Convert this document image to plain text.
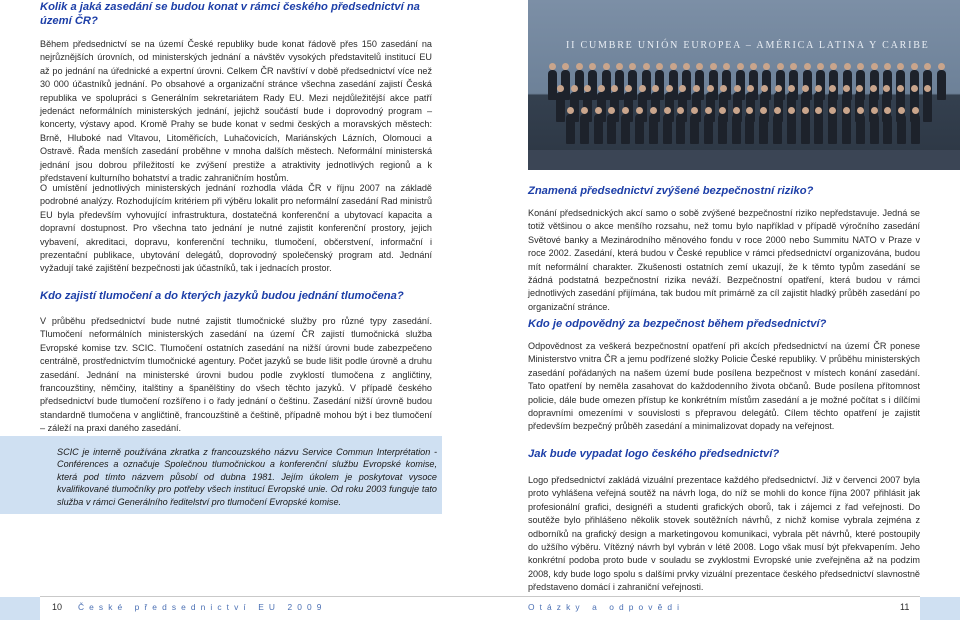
Kolik a jaká zasedání se budou konat v rámci českého předsednictví na území ČR?

Během předsednictví se na území České republiky bude konat řádově přes 150 zasedání na nejrůznějších úrovních, od ministerských jednání a návštěv vysokých představitelů institucí EU až po jednání na úřednické a expertní úrovni. Celkem ČR navštíví v době předsednictví více než 30 000 účastníků jednání. Po obsahové a organizační stránce všechna zasedání zajistí Česká republika ve spolupráci s Generálním sekretariátem Rady EU. Mezi nejdůležitější akce patří jedenáct neformálních ministerských jednání, jejichž součástí bude i doprovodný program – koncerty, výstavy apod. Kromě Prahy se bude konat v sedmi českých a moravských městech: Brně, Hluboké nad Vltavou, Litoměřicích, Luhačovicích, Mariánských Lázních, Olomouci a Ostravě. Řada menších zasedání proběhne v mnoha dalších městech. Neformální ministerská jednání jsou dobrou příležitostí ke zvýšení prestiže a atraktivity jednotlivých regionů a k představení kulturního bohatství a tradic zahraničním hostům.

O umístění jednotlivých ministerských jednání rozhodla vláda ČR v říjnu 2007 na základě podrobné analýzy. Rozhodujícím kritériem při výběru lokalit pro neformální zasedání Rad ministrů EU byla především vyhovující infrastruktura, dostatečná konferenční a ubytovací kapacita a dopravní dostupnost. Pro všechna tato jednání je nutné zajistit konferenční prostory, jejich vybavení, akreditaci, dopravu, konferenční techniku, tlumočení, občerstvení, informační i prezentační publikace, ubytování delegátů, doprovodný společenský program atd. Jednání vyžadují také zajištění bezpečnosti jak účastníků, tak i jednacích prostor.

Kdo zajistí tlumočení a do kterých jazyků budou jednání tlumočena?

V průběhu předsednictví bude nutné zajistit tlumočnické služby pro různé typy zasedání. Tlumočení neformálních ministerských zasedání na území ČR zajistí tlumočnická služba Evropské komise tzv. SCIC. Tlumočení ostatních zasedání na nižší úrovni bude zabezpečeno centrálně, prostřednictvím tlumočnické agentury. Počet jazyků se bude lišit podle úrovně a druhu zasedání. Jednání na ministerské úrovni budou podle zvyklostí tlumočena z angličtiny, francouzštiny, němčiny, italštiny a španělštiny do všech těchto jazyků. V případě českého předsednictví bude tlumočení rozšířeno i o řady jednání o češtinu. Zasedání nižší úrovně budou standardně tlumočena v angličtině, francouzštině a češtině, případně mohou být i bez tlumočení – záleží na praxi daného zasedání.

SCIC je interně používána zkratka z francouzského názvu Service Commun Interprétation -Conférences a označuje Společnou tlumočnickou a konferenční službu Evropské komise, která pod tímto názvem působí od dubna 1981. Jejím úkolem je poskytovat vysoce kvalifikované tlumočníky pro potřeby všech institucí Evropské unie. Od roku 2003 funguje tato služba v rámci Generálního ředitelství pro tlumočení Evropské komise.

II CUMBRE UNIÓN EUROPEA – AMÉRICA LATINA Y CARIBE
Znamená předsednictví zvýšené bezpečnostní riziko?

Konání předsednických akcí samo o sobě zvýšené bezpečnostní riziko nepředstavuje. Jedná se totiž většinou o akce menšího rozsahu, než tomu bylo například v případě výročního zasedání Světové banky a Mezinárodního měnového fondu v roce 2000 nebo Summitu NATO v Praze v roce 2002. Zasedání, která budou v České republice v rámci předsednictví organizována, budou mít neformální charakter. Zkušenosti ostatních zemí ukazují, že k těmto typům zasedání se žádná podstatná bezpečnostní rizika neváží. Bezpečnostní opatření, která budou v rámci jednotlivých zasedání přijímána, tak budou mít primárně za cíl zajistit hladký průběh zasedání po organizační stránce.

Kdo je odpovědný za bezpečnost během předsednictví?

Odpovědnost za veškerá bezpečnostní opatření při akcích předsednictví na území ČR ponese Ministerstvo vnitra ČR a jemu podřízené složky Policie České republiky. V průběhu ministerských zasedání pořádaných na našem území bude posílena bezpečnost v místech konání zasedání. Tato opatření by neměla zasahovat do každodenního života občanů. Bude posílena přítomnost policie, dále bude omezen přístup ke konkrétním místům zasedání a je možné počítat s i dílčími dopravními omezeními v souvislosti s přepravou delegátů. Cílem těchto opatření je zajistit především bezpečný průběh zasedání a minimalizovat dopady na veřejnost.

Jak bude vypadat logo českého předsednictví?

Logo předsednictví zakládá vizuální prezentace každého předsednictví. Již v červenci 2007 byla proto vyhlášena veřejná soutěž na návrh loga, do níž se mohli do konce října 2007 přihlásit jak profesionální grafici, designéři a studenti grafických oborů, tak i zájemci z řad veřejnosti. Do soutěže bylo přihlášeno několik stovek soutěžních návrhů, z nichž komise vybrala zejména z odborníků na grafický design a marketingovou komunikaci, vybrala pět návrhů, které postoupily do užšího výběru. Vítězný návrh byl vybrán v létě 2008. Logo však musí být překvapením. Jeho konkrétní podoba proto bude v souladu se zvyklostmi Evropské unie zveřejněna až na podzim 2008, kdy bude logo spolu s dalšími prvky vizuální prezentace českého předsednictví slavnostně představeno domácí i zahraniční veřejnosti.

10 České předsednictví EU 2009	Otázky a odpovědi	11
